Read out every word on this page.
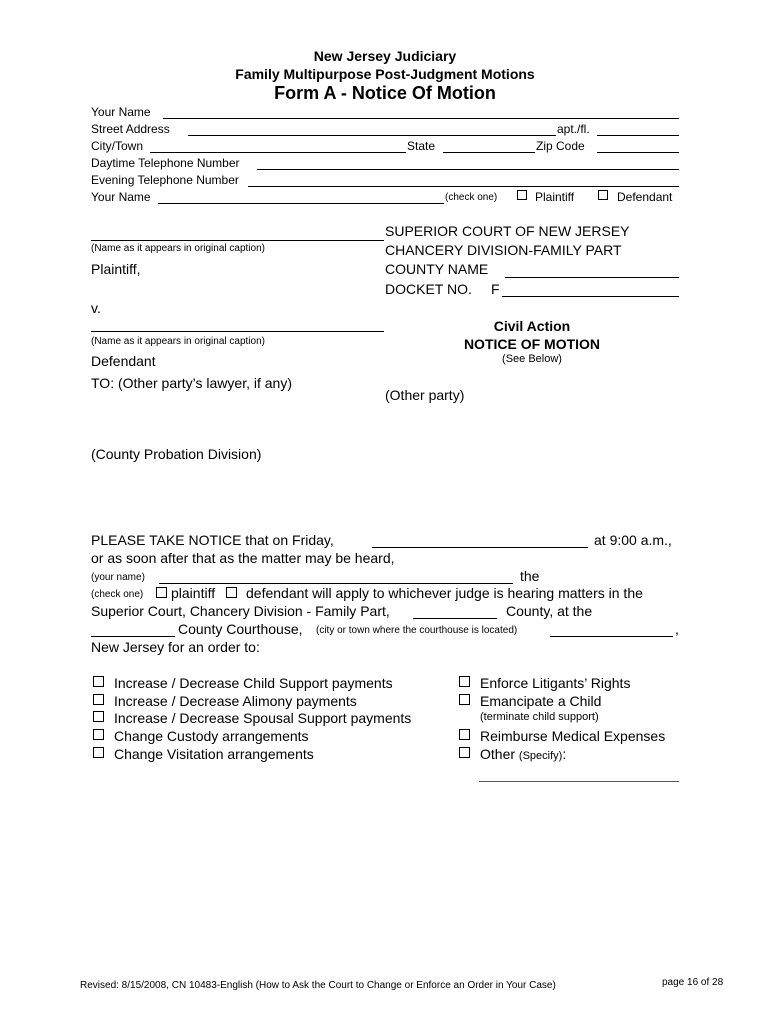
New Jersey Judiciary
Family Multipurpose Post-Judgment Motions
Form A - Notice Of Motion
Your Name
Street Address	apt./fl.
City/Town	State	Zip Code
Daytime Telephone Number
Evening Telephone Number
Your Name	(check one)	Plaintiff	Defendant
(Name as it appears in original caption)
Plaintiff,
v.
(Name as it appears in original caption)
Defendant
TO: (Other party’s lawyer, if any)
SUPERIOR COURT OF NEW JERSEY
CHANCERY DIVISION-FAMILY PART
COUNTY NAME
DOCKET NO. F
Civil Action
NOTICE OF MOTION
(See Below)
(Other party)
(County Probation Division)
PLEASE TAKE NOTICE that on Friday,	at 9:00 a.m.,
or as soon after that as the matter may be heard,
(your name)	the
(check one) plaintiff defendant will apply to whichever judge is hearing matters in the
Superior Court, Chancery Division - Family Part,	County, at the
County Courthouse, (city or town where the courthouse is located)	,
New Jersey for an order to:
Increase / Decrease Child Support payments
Increase / Decrease Alimony payments
Increase / Decrease Spousal Support payments
Change Custody arrangements
Change Visitation arrangements
Enforce Litigants’ Rights
Emancipate a Child
(terminate child support)
Reimburse Medical Expenses
Other (Specify):
Revised: 8/15/2008, CN 10483-English (How to Ask the Court to Change or Enforce an Order in Your Case)	page 16 of 28
